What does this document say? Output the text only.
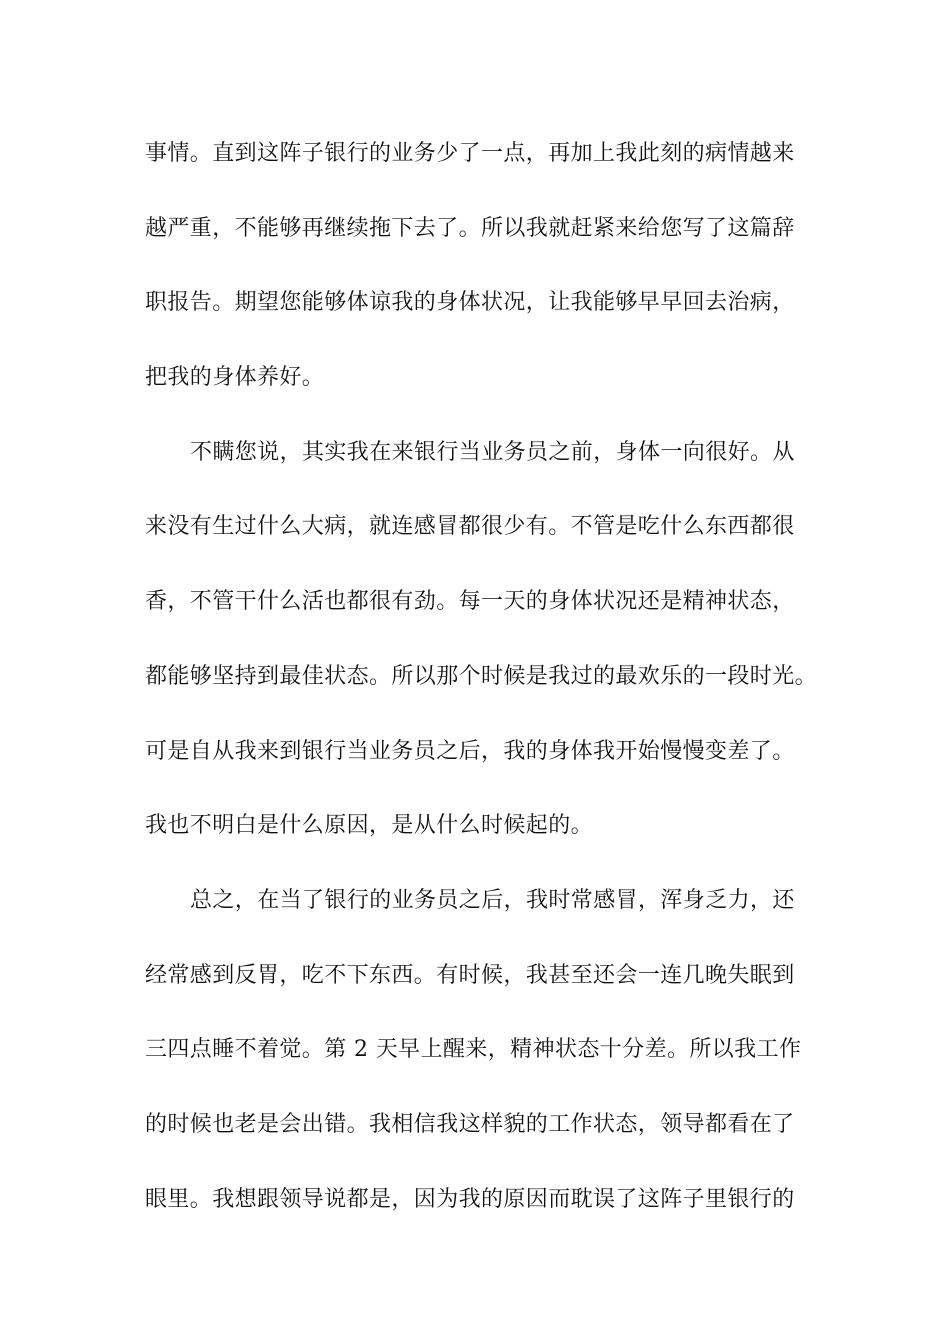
事情。直到这阵子银行的业务少了一点，再加上我此刻的病情越来
越严重，不能够再继续拖下去了。所以我就赶紧来给您写了这篇辞
职报告。期望您能够体谅我的身体状况，让我能够早早回去治病，
把我的身体养好。
不瞒您说，其实我在来银行当业务员之前，身体一向很好。从
来没有生过什么大病，就连感冒都很少有。不管是吃什么东西都很
香，不管干什么活也都很有劲。每一天的身体状况还是精神状态，
都能够坚持到最佳状态。所以那个时候是我过的最欢乐的一段时光。
可是自从我来到银行当业务员之后，我的身体我开始慢慢变差了。
我也不明白是什么原因，是从什么时候起的。
总之，在当了银行的业务员之后，我时常感冒，浑身乏力，还
经常感到反胃，吃不下东西。有时候，我甚至还会一连几晚失眠到
三四点睡不着觉。第 2 天早上醒来，精神状态十分差。所以我工作
的时候也老是会出错。我相信我这样貌的工作状态，领导都看在了
眼里。我想跟领导说都是，因为我的原因而耽误了这阵子里银行的
